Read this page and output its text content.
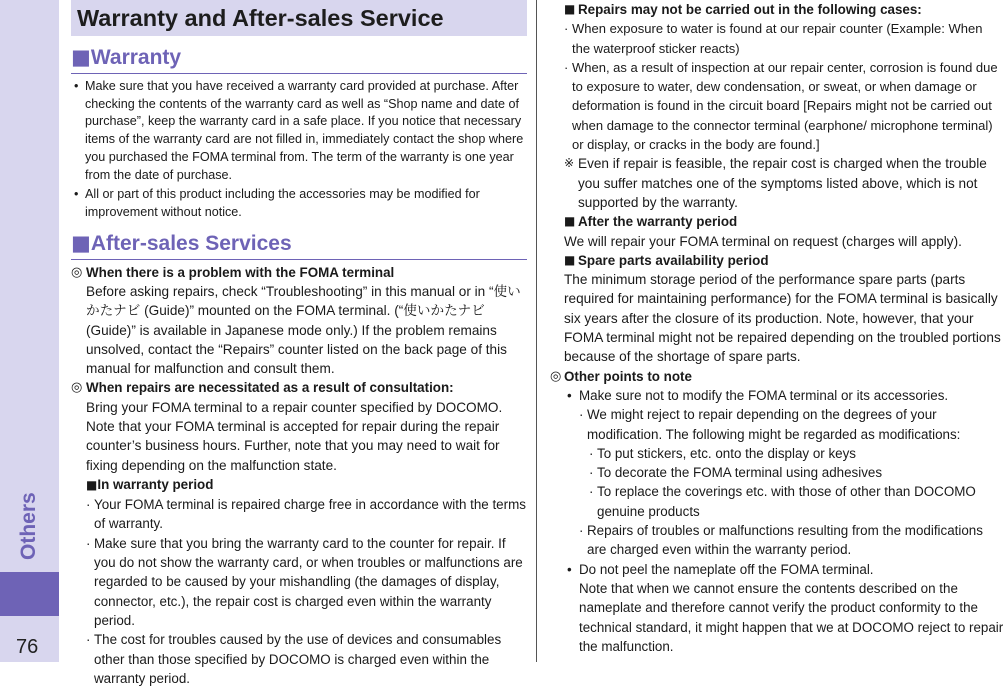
Others
76
Warranty and After-sales Service
■Warranty
• Make sure that you have received a warranty card provided at purchase. After checking the contents of the warranty card as well as “Shop name and date of purchase”, keep the warranty card in a safe place. If you notice that necessary items of the warranty card are not filled in, immediately contact the shop where you purchased the FOMA terminal from. The term of the warranty is one year from the date of purchase.
• All or part of this product including the accessories may be modified for improvement without notice.
■After-sales Services
◎ When there is a problem with the FOMA terminal
Before asking repairs, check “Troubleshooting” in this manual or in “使いかたナビ (Guide)” mounted on the FOMA terminal. (“使いかたナビ (Guide)” is available in Japanese mode only.) If the problem remains unsolved, contact the “Repairs” counter listed on the back page of this manual for malfunction and consult them.
◎ When repairs are necessitated as a result of consultation:
Bring your FOMA terminal to a repair counter specified by DOCOMO. Note that your FOMA terminal is accepted for repair during the repair counter’s business hours. Further, note that you may need to wait for fixing depending on the malfunction state.
■In warranty period
· Your FOMA terminal is repaired charge free in accordance with the terms of warranty.
· Make sure that you bring the warranty card to the counter for repair. If you do not show the warranty card, or when troubles or malfunctions are regarded to be caused by your mishandling (the damages of display, connector, etc.), the repair cost is charged even within the warranty period.
· The cost for troubles caused by the use of devices and consumables other than those specified by DOCOMO is charged even within the warranty period.
■ Repairs may not be carried out in the following cases:
· When exposure to water is found at our repair counter (Example: When the waterproof sticker reacts)
· When, as a result of inspection at our repair center, corrosion is found due to exposure to water, dew condensation, or sweat, or when damage or deformation is found in the circuit board [Repairs might not be carried out when damage to the connector terminal (earphone/ microphone terminal) or display, or cracks in the body are found.]
※ Even if repair is feasible, the repair cost is charged when the trouble you suffer matches one of the symptoms listed above, which is not supported by the warranty.
■ After the warranty period
We will repair your FOMA terminal on request (charges will apply).
■ Spare parts availability period
The minimum storage period of the performance spare parts (parts required for maintaining performance) for the FOMA terminal is basically six years after the closure of its production. Note, however, that your FOMA terminal might not be repaired depending on the troubled portions because of the shortage of spare parts.
◎ Other points to note
• Make sure not to modify the FOMA terminal or its accessories.
· We might reject to repair depending on the degrees of your modification. The following might be regarded as modifications:
· To put stickers, etc. onto the display or keys
· To decorate the FOMA terminal using adhesives
· To replace the coverings etc. with those of other than DOCOMO genuine products
· Repairs of troubles or malfunctions resulting from the modifications are charged even within the warranty period.
• Do not peel the nameplate off the FOMA terminal.
Note that when we cannot ensure the contents described on the nameplate and therefore cannot verify the product conformity to the technical standard, it might happen that we at DOCOMO reject to repair the malfunction.
